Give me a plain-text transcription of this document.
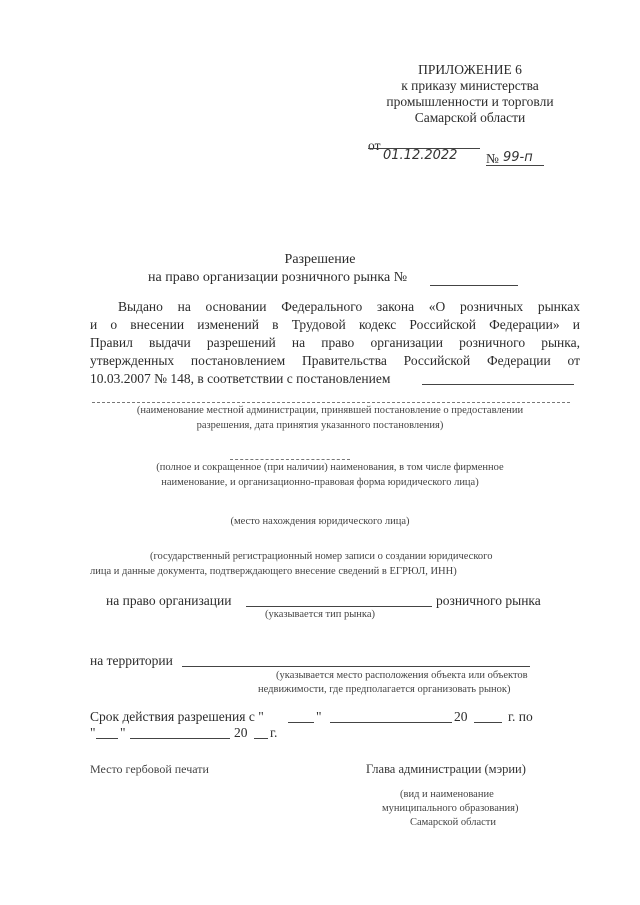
ПРИЛОЖЕНИЕ 6
к приказу министерства
промышленности и торговли
Самарской области
от
01.12.2022 № 99-п
Разрешение
на право организации розничного рынка №
Выдано на основании Федерального закона «О розничных рынках
и о внесении изменений в Трудовой кодекс Российской Федерации» и
Правил выдачи разрешений на право организации розничного рынка,
утвержденных постановлением Правительства Российской Федерации от
10.03.2007 № 148, в соответствии с постановлением
(наименование местной администрации, принявшей постановление о предоставлении
разрешения, дата принятия указанного постановления)
(полное и сокращенное (при наличии) наименования, в том числе фирменное
наименование, и организационно-правовая форма юридического лица)
(место нахождения юридического лица)
(государственный регистрационный номер записи о создании юридического
лица и данные документа, подтверждающего внесение сведений в ЕГРЮЛ, ИНН)
на право организации	розничного рынка
(указывается тип рынка)
на территории
(указывается место расположения объекта или объектов
недвижимости, где предполагается организовать рынок)
Срок действия разрешения с "	"	20	г. по
" "	20 г.
Место гербовой печати	Глава администрации (мэрии)
(вид и наименование
муниципального образования)
Самарской области
